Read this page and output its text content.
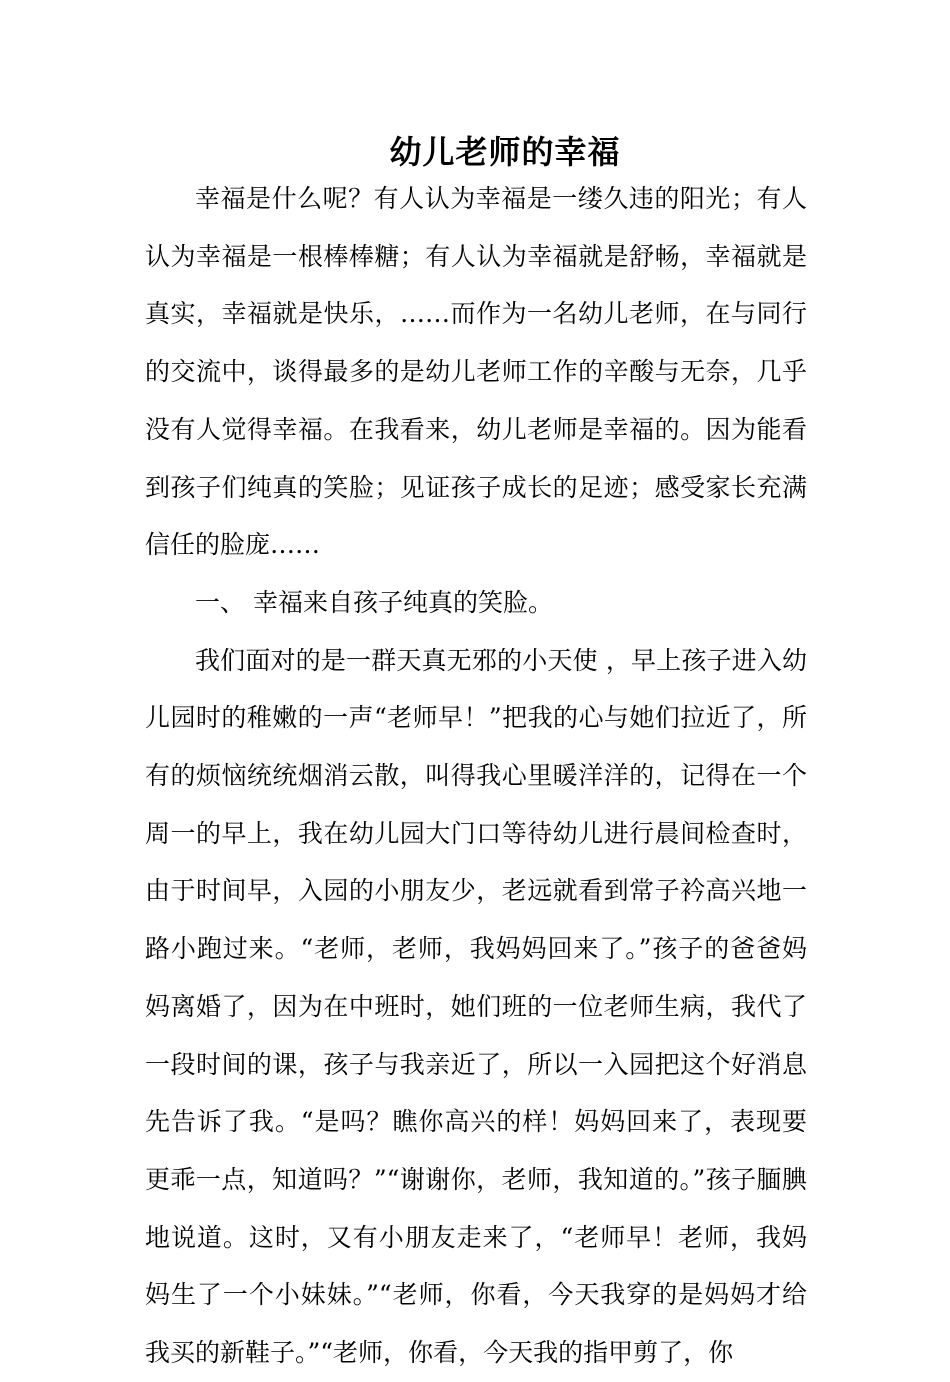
幼儿老师的幸福

幸福是什么呢？有人认为幸福是一缕久违的阳光；有人认为幸福是一根棒棒糖；有人认为幸福就是舒畅，幸福就是真实，幸福就是快乐，……而作为一名幼儿老师，在与同行的交流中，谈得最多的是幼儿老师工作的辛酸与无奈，几乎没有人觉得幸福。在我看来，幼儿老师是幸福的。因为能看到孩子们纯真的笑脸；见证孩子成长的足迹；感受家长充满信任的脸庞……

一、 幸福来自孩子纯真的笑脸。

我们面对的是一群天真无邪的小天使 ，早上孩子进入幼儿园时的稚嫩的一声“老师早！”把我的心与她们拉近了，所有的烦恼统统烟消云散，叫得我心里暖洋洋的，记得在一个周一的早上，我在幼儿园大门口等待幼儿进行晨间检查时，由于时间早，入园的小朋友少，老远就看到常子衿高兴地一路小跑过来。“老师，老师，我妈妈回来了。”孩子的爸爸妈妈离婚了，因为在中班时，她们班的一位老师生病，我代了一段时间的课，孩子与我亲近了，所以一入园把这个好消息先告诉了我。“是吗？瞧你高兴的样！妈妈回来了，表现要更乖一点，知道吗？”“谢谢你，老师，我知道的。”孩子腼腆地说道。这时，又有小朋友走来了，“老师早！老师，我妈妈生了一个小妹妹。”“老师，你看，今天我穿的是妈妈才给我买的新鞋子。”“老师，你看，今天我的指甲剪了，你
